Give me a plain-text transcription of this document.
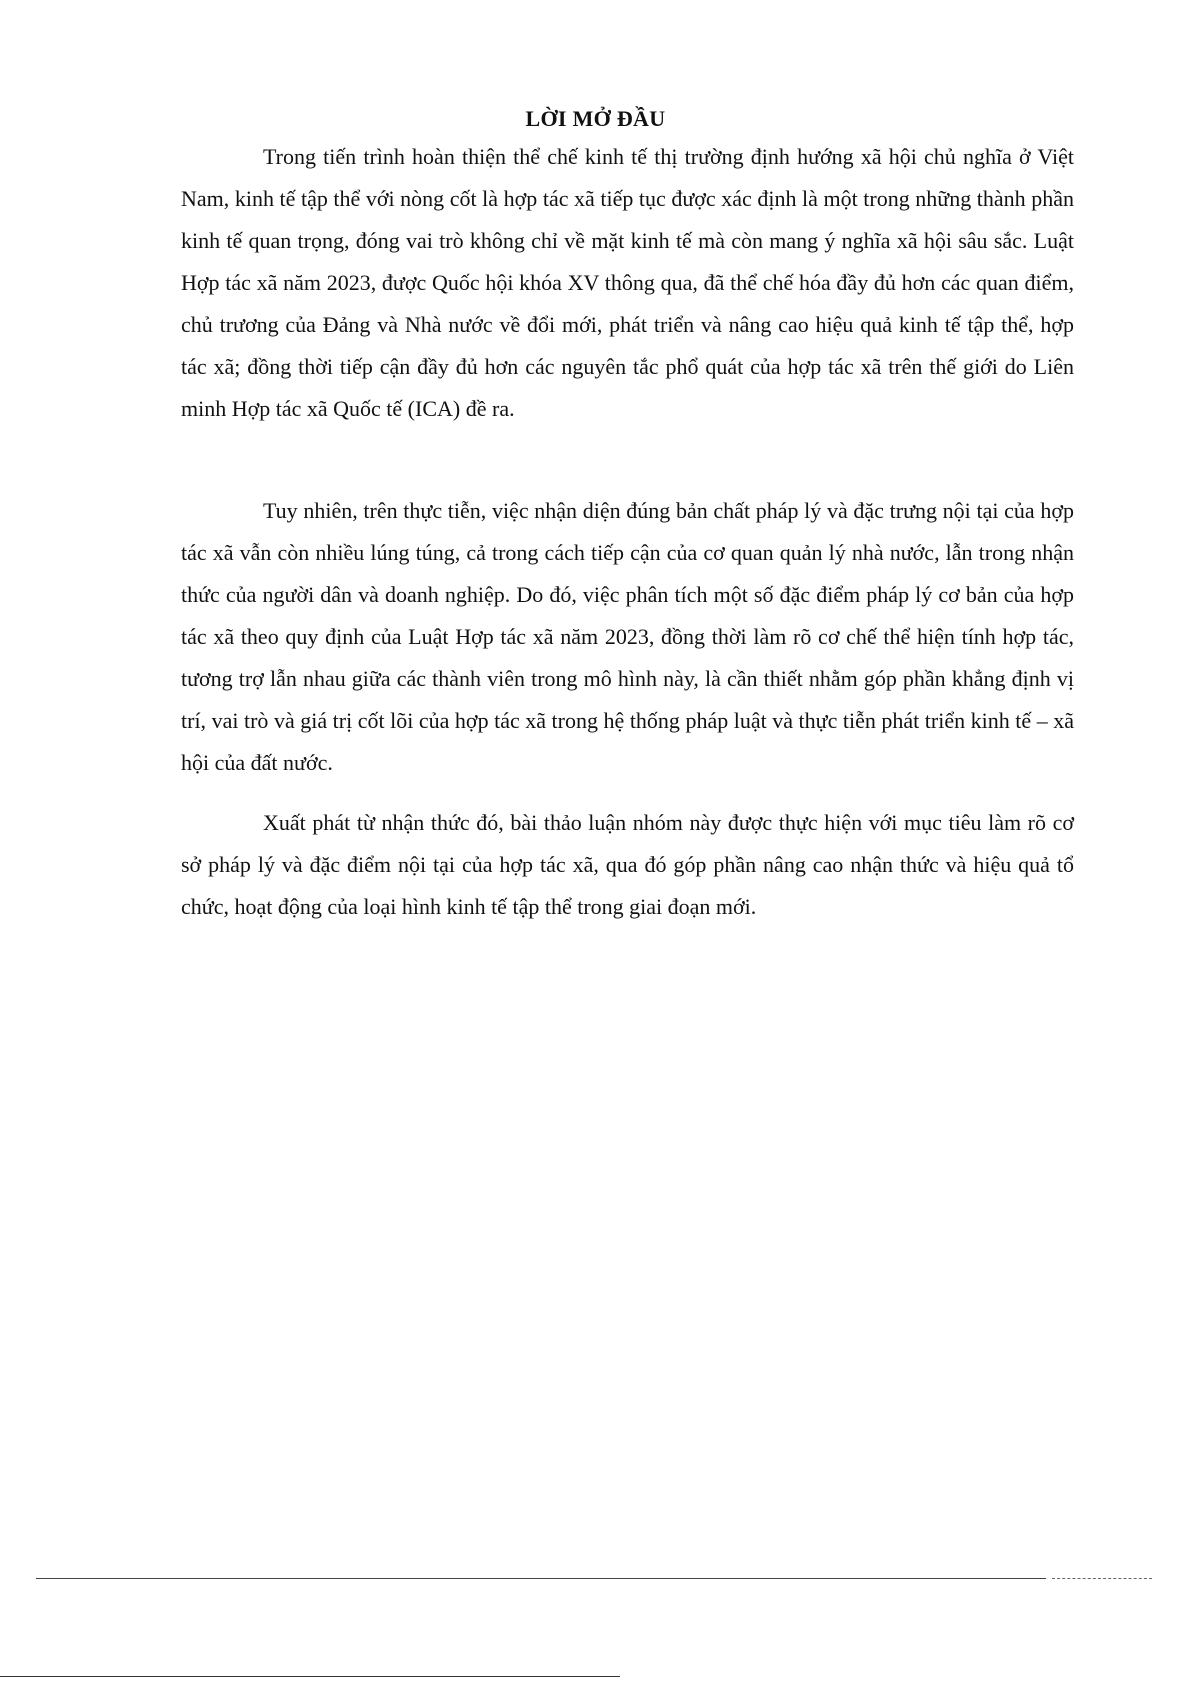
LỜI MỞ ĐẦU

Trong tiến trình hoàn thiện thể chế kinh tế thị trường định hướng xã hội chủ nghĩa ở Việt Nam, kinh tế tập thể với nòng cốt là hợp tác xã tiếp tục được xác định là một trong những thành phần kinh tế quan trọng, đóng vai trò không chỉ về mặt kinh tế mà còn mang ý nghĩa xã hội sâu sắc. Luật Hợp tác xã năm 2023, được Quốc hội khóa XV thông qua, đã thể chế hóa đầy đủ hơn các quan điểm, chủ trương của Đảng và Nhà nước về đổi mới, phát triển và nâng cao hiệu quả kinh tế tập thể, hợp tác xã; đồng thời tiếp cận đầy đủ hơn các nguyên tắc phổ quát của hợp tác xã trên thế giới do Liên minh Hợp tác xã Quốc tế (ICA) đề ra.

Tuy nhiên, trên thực tiễn, việc nhận diện đúng bản chất pháp lý và đặc trưng nội tại của hợp tác xã vẫn còn nhiều lúng túng, cả trong cách tiếp cận của cơ quan quản lý nhà nước, lẫn trong nhận thức của người dân và doanh nghiệp. Do đó, việc phân tích một số đặc điểm pháp lý cơ bản của hợp tác xã theo quy định của Luật Hợp tác xã năm 2023, đồng thời làm rõ cơ chế thể hiện tính hợp tác, tương trợ lẫn nhau giữa các thành viên trong mô hình này, là cần thiết nhằm góp phần khẳng định vị trí, vai trò và giá trị cốt lõi của hợp tác xã trong hệ thống pháp luật và thực tiễn phát triển kinh tế – xã hội của đất nước.

Xuất phát từ nhận thức đó, bài thảo luận nhóm này được thực hiện với mục tiêu làm rõ cơ sở pháp lý và đặc điểm nội tại của hợp tác xã, qua đó góp phần nâng cao nhận thức và hiệu quả tổ chức, hoạt động của loại hình kinh tế tập thể trong giai đoạn mới.
